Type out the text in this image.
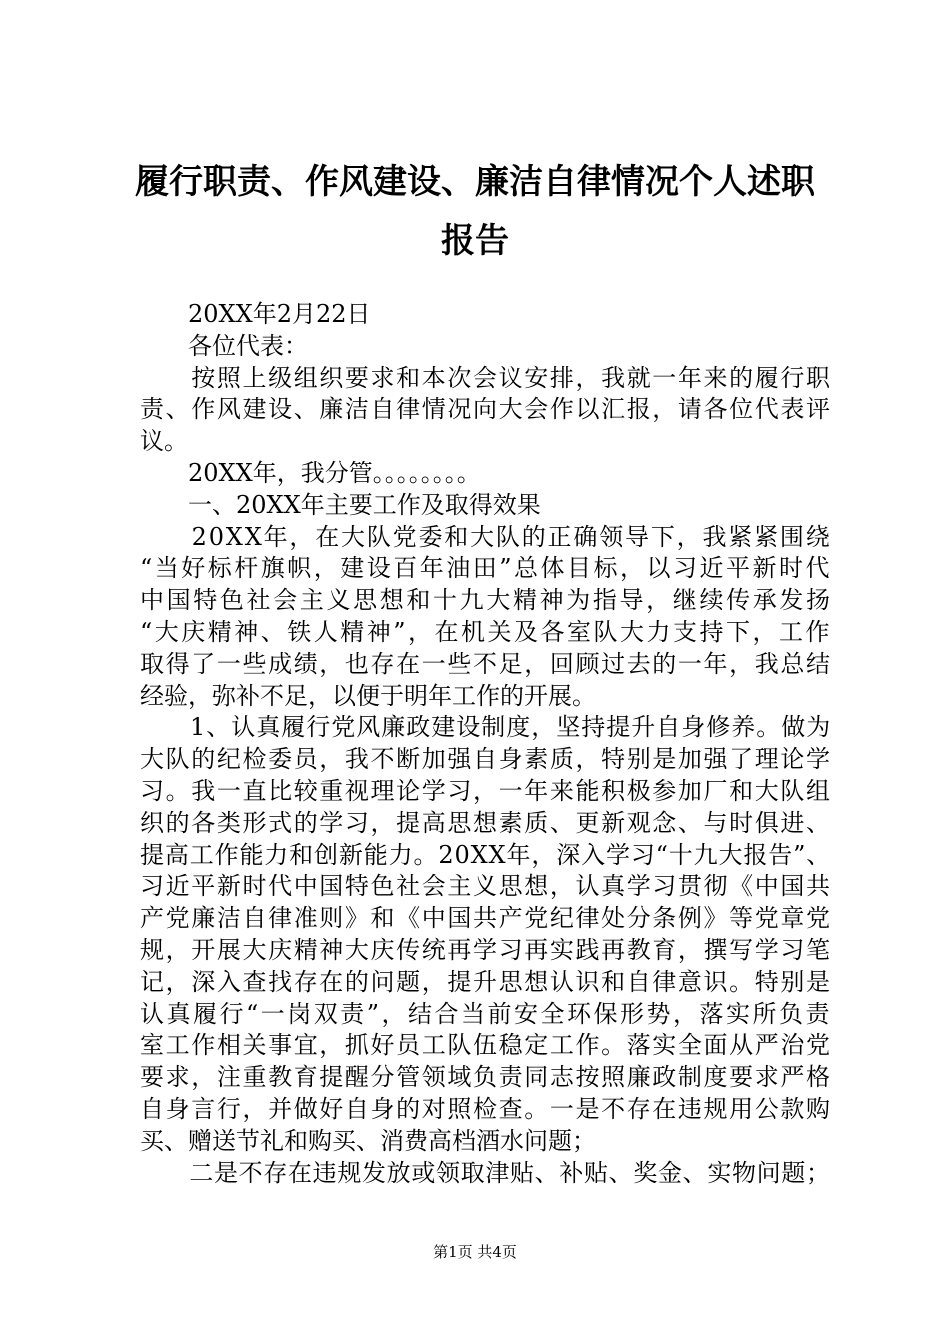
履行职责、作风建设、廉洁自律情况个人述职
报告
　　20XX年2月22日
　　各位代表：
　　按照上级组织要求和本次会议安排，我就一年来的履行职
责、作风建设、廉洁自律情况向大会作以汇报，请各位代表评
议。
　　20XX年，我分管。。。。。。。。
　　一、20XX年主要工作及取得效果
　　20XX年，在大队党委和大队的正确领导下，我紧紧围绕
“当好标杆旗帜，建设百年油田”总体目标，以习近平新时代
中国特色社会主义思想和十九大精神为指导，继续传承发扬
“大庆精神、铁人精神”，在机关及各室队大力支持下，工作
取得了一些成绩，也存在一些不足，回顾过去的一年，我总结
经验，弥补不足，以便于明年工作的开展。
　　1、认真履行党风廉政建设制度，坚持提升自身修养。做为
大队的纪检委员，我不断加强自身素质，特别是加强了理论学
习。我一直比较重视理论学习，一年来能积极参加厂和大队组
织的各类形式的学习，提高思想素质、更新观念、与时俱进、
提高工作能力和创新能力。20XX年，深入学习“十九大报告”、
习近平新时代中国特色社会主义思想，认真学习贯彻《中国共
产党廉洁自律准则》和《中国共产党纪律处分条例》等党章党
规，开展大庆精神大庆传统再学习再实践再教育，撰写学习笔
记，深入查找存在的问题，提升思想认识和自律意识。特别是
认真履行“一岗双责”，结合当前安全环保形势，落实所负责
室工作相关事宜，抓好员工队伍稳定工作。落实全面从严治党
要求，注重教育提醒分管领域负责同志按照廉政制度要求严格
自身言行，并做好自身的对照检查。一是不存在违规用公款购
买、赠送节礼和购买、消费高档酒水问题；
　　二是不存在违规发放或领取津贴、补贴、奖金、实物问题；
第1页 共4页
